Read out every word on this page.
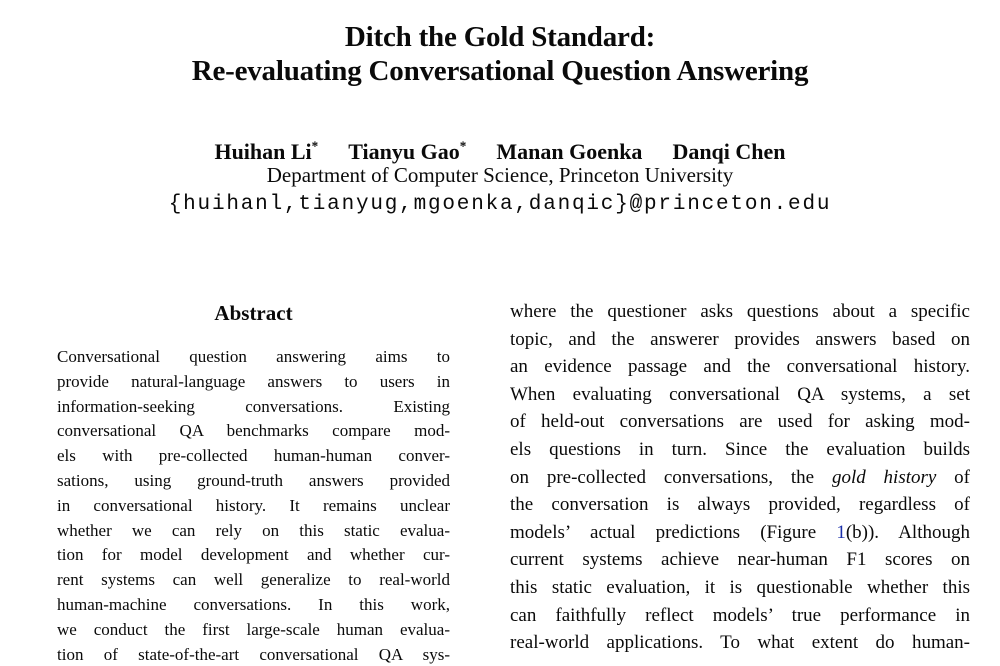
Ditch the Gold Standard:
Re-evaluating Conversational Question Answering
Huihan Li* Tianyu Gao* Manan Goenka Danqi Chen
Department of Computer Science, Princeton University
{huihanl,tianyug,mgoenka,danqic}@princeton.edu
Abstract
Conversational question answering aims to
provide natural-language answers to users in
information-seeking conversations. Existing
conversational QA benchmarks compare mod-
els with pre-collected human-human conver-
sations, using ground-truth answers provided
in conversational history. It remains unclear
whether we can rely on this static evalua-
tion for model development and whether cur-
rent systems can well generalize to real-world
human-machine conversations. In this work,
we conduct the first large-scale human evalua-
tion of state-of-the-art conversational QA sys-
where the questioner asks questions about a specific
topic, and the answerer provides answers based on
an evidence passage and the conversational history.
When evaluating conversational QA systems, a set
of held-out conversations are used for asking mod-
els questions in turn. Since the evaluation builds
on pre-collected conversations, the gold history of
the conversation is always provided, regardless of
models’ actual predictions (Figure 1(b)). Although
current systems achieve near-human F1 scores on
this static evaluation, it is questionable whether this
can faithfully reflect models’ true performance in
real-world applications. To what extent do human-
